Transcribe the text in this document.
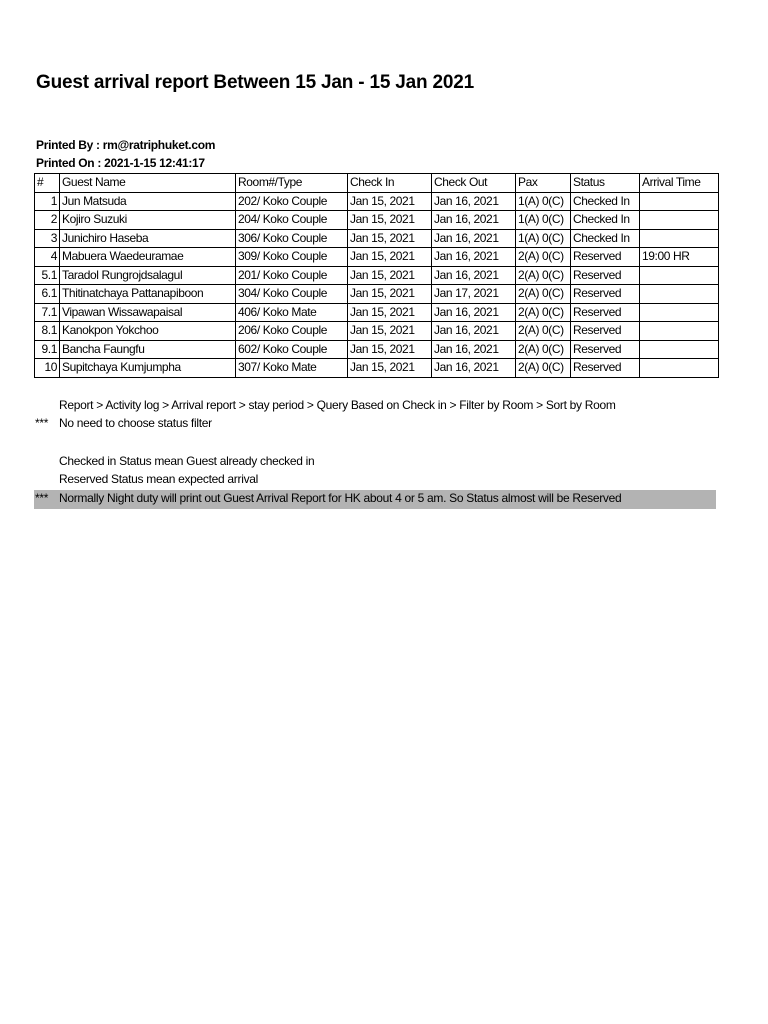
Guest arrival report Between 15 Jan - 15 Jan 2021
Printed By : rm@ratriphuket.com
Printed On : 2021-1-15 12:41:17
#	Guest Name	Room#/Type	Check In	Check Out	Pax	Status	Arrival Time
1	Jun Matsuda	202/ Koko Couple	Jan 15, 2021	Jan 16, 2021	1(A) 0(C)	Checked In	
2	Kojiro Suzuki	204/ Koko Couple	Jan 15, 2021	Jan 16, 2021	1(A) 0(C)	Checked In	
3	Junichiro Haseba	306/ Koko Couple	Jan 15, 2021	Jan 16, 2021	1(A) 0(C)	Checked In	
4	Mabuera Waedeuramae	309/ Koko Couple	Jan 15, 2021	Jan 16, 2021	2(A) 0(C)	Reserved	19:00 HR
5.1	Taradol Rungrojdsalagul	201/ Koko Couple	Jan 15, 2021	Jan 16, 2021	2(A) 0(C)	Reserved	
6.1	Thitinatchaya Pattanapiboon	304/ Koko Couple	Jan 15, 2021	Jan 17, 2021	2(A) 0(C)	Reserved	
7.1	Vipawan Wissawapaisal	406/ Koko Mate	Jan 15, 2021	Jan 16, 2021	2(A) 0(C)	Reserved	
8.1	Kanokpon Yokchoo	206/ Koko Couple	Jan 15, 2021	Jan 16, 2021	2(A) 0(C)	Reserved	
9.1	Bancha Faungfu	602/ Koko Couple	Jan 15, 2021	Jan 16, 2021	2(A) 0(C)	Reserved	
10	Supitchaya Kumjumpha	307/ Koko Mate	Jan 15, 2021	Jan 16, 2021	2(A) 0(C)	Reserved	
Report > Activity log > Arrival report > stay period > Query Based on Check in > Filter by Room > Sort by Room
*** No need to choose status filter
Checked in Status mean Guest already checked in
Reserved Status mean expected arrival
*** Normally Night duty will print out Guest Arrival Report for HK about 4 or 5 am. So Status almost will be Reserved
